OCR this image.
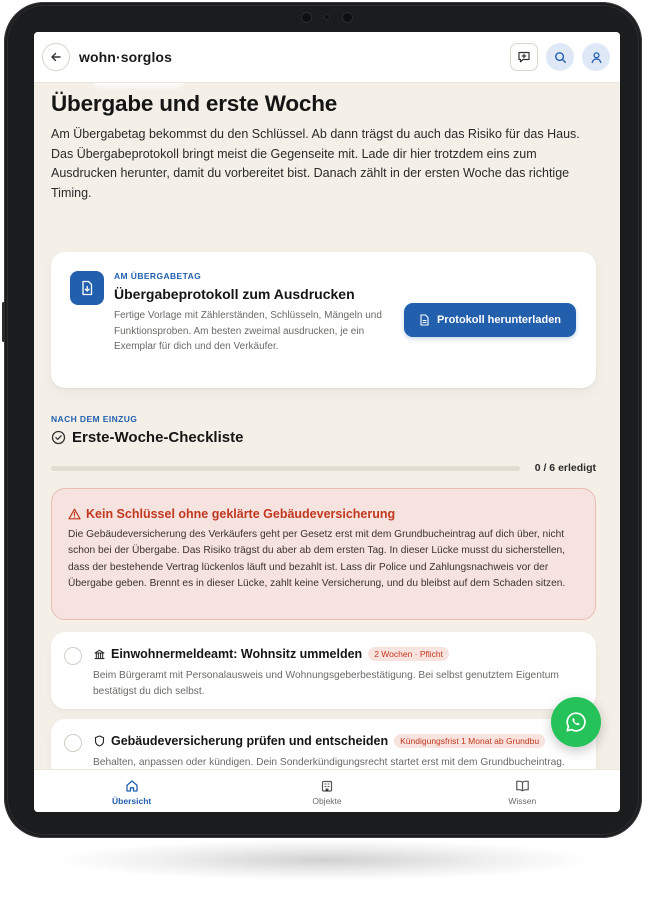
wohn·sorglos
Übergabe und erste Woche

Am Übergabetag bekommst du den Schlüssel. Ab dann trägst du auch das Risiko für das Haus. Das Übergabeprotokoll bringt meist die Gegenseite mit. Lade dir hier trotzdem eins zum Ausdrucken herunter, damit du vorbereitet bist. Danach zählt in der ersten Woche das richtige Timing.

AM ÜBERGABETAG
Übergabeprotokoll zum Ausdrucken
Fertige Vorlage mit Zählerständen, Schlüsseln, Mängeln und Funktionsproben. Am besten zweimal ausdrucken, je ein Exemplar für dich und den Verkäufer.
Protokoll herunterladen
NACH DEM EINZUG
Erste-Woche-Checkliste
0 / 6 erledigt
Kein Schlüssel ohne geklärte Gebäudeversicherung
Die Gebäudeversicherung des Verkäufers geht per Gesetz erst mit dem Grundbucheintrag auf dich über, nicht schon bei der Übergabe. Das Risiko trägst du aber ab dem ersten Tag. In dieser Lücke musst du sicherstellen, dass der bestehende Vertrag lückenlos läuft und bezahlt ist. Lass dir Police und Zahlungsnachweis vor der Übergabe geben. Brennt es in dieser Lücke, zahlt keine Versicherung, und du bleibst auf dem Schaden sitzen.
Einwohnermeldeamt: Wohnsitz ummelden	2 Wochen · Pflicht
Beim Bürgeramt mit Personalausweis und Wohnungsgeberbestätigung. Bei selbst genutztem Eigentum bestätigst du dich selbst.
Gebäudeversicherung prüfen und entscheiden	Kündigungsfrist 1 Monat ab Grundbu
Behalten, anpassen oder kündigen. Dein Sonderkündigungsrecht startet erst mit dem Grundbucheintrag.
Übersicht	Objekte	Wissen
